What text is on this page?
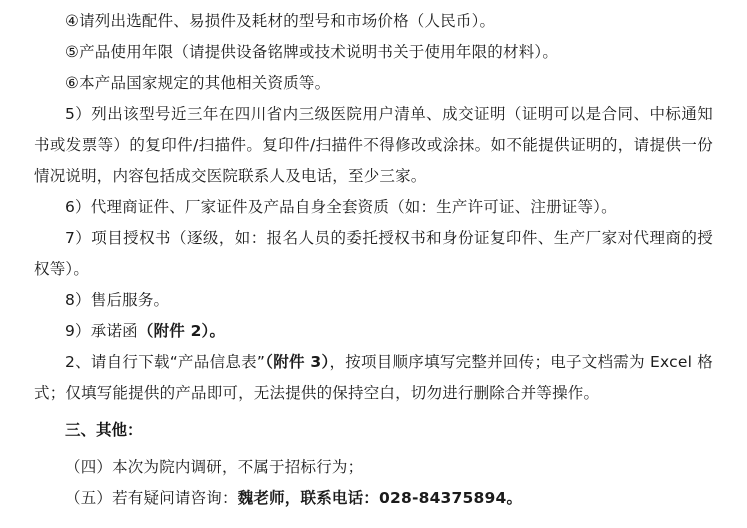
④请列出选配件、易损件及耗材的型号和市场价格（人民币）。

⑤产品使用年限（请提供设备铭牌或技术说明书关于使用年限的材料）。

⑥本产品国家规定的其他相关资质等。

5）列出该型号近三年在四川省内三级医院用户清单、成交证明（证明可以是合同、中标通知书或发票等）的复印件/扫描件。复印件/扫描件不得修改或涂抹。如不能提供证明的，请提供一份情况说明，内容包括成交医院联系人及电话，至少三家。

6）代理商证件、厂家证件及产品自身全套资质（如：生产许可证、注册证等）。

7）项目授权书（逐级，如：报名人员的委托授权书和身份证复印件、生产厂家对代理商的授权等）。

8）售后服务。

9）承诺函（附件 2）。

2、请自行下载“产品信息表”（附件 3），按项目顺序填写完整并回传；电子文档需为 Excel 格式；仅填写能提供的产品即可，无法提供的保持空白，切勿进行删除合并等操作。

三、其他：

（四）本次为院内调研，不属于招标行为；

（五）若有疑问请咨询：魏老师，联系电话：028-84375894。
